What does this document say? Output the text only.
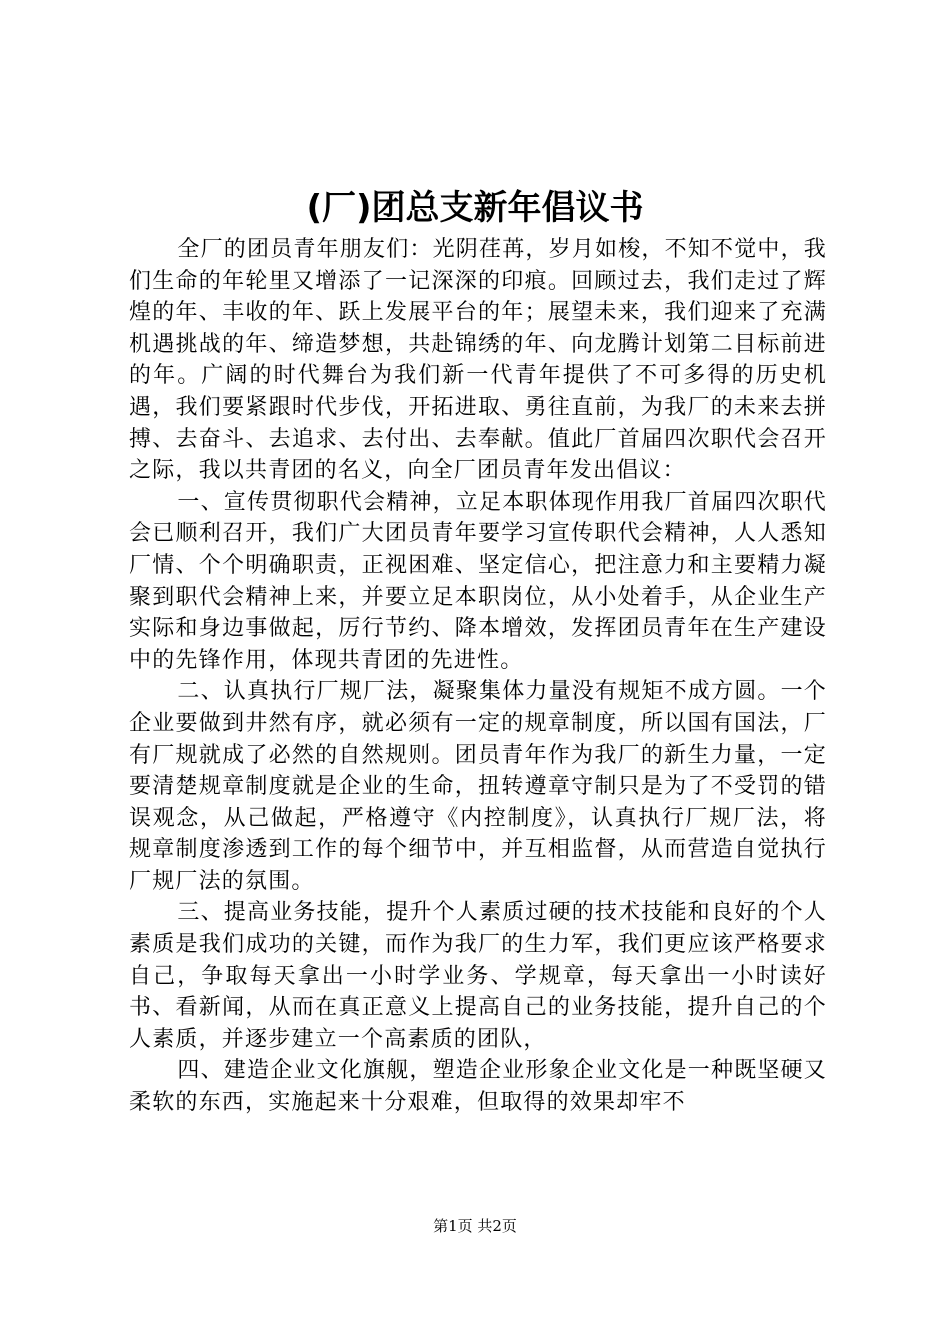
(厂)团总支新年倡议书

全厂的团员青年朋友们：光阴荏苒，岁月如梭，不知不觉中，我们生命的年轮里又增添了一记深深的印痕。回顾过去，我们走过了辉煌的年、丰收的年、跃上发展平台的年；展望未来，我们迎来了充满机遇挑战的年、缔造梦想，共赴锦绣的年、向龙腾计划第二目标前进的年。广阔的时代舞台为我们新一代青年提供了不可多得的历史机遇，我们要紧跟时代步伐，开拓进取、勇往直前，为我厂的未来去拼搏、去奋斗、去追求、去付出、去奉献。值此厂首届四次职代会召开之际，我以共青团的名义，向全厂团员青年发出倡议：

一、宣传贯彻职代会精神，立足本职体现作用我厂首届四次职代会已顺利召开，我们广大团员青年要学习宣传职代会精神，人人悉知厂情、个个明确职责，正视困难、坚定信心，把注意力和主要精力凝聚到职代会精神上来，并要立足本职岗位，从小处着手，从企业生产实际和身边事做起，厉行节约、降本增效，发挥团员青年在生产建设中的先锋作用，体现共青团的先进性。

二、认真执行厂规厂法，凝聚集体力量没有规矩不成方圆。一个企业要做到井然有序，就必须有一定的规章制度，所以国有国法，厂有厂规就成了必然的自然规则。团员青年作为我厂的新生力量，一定要清楚规章制度就是企业的生命，扭转遵章守制只是为了不受罚的错误观念，从己做起，严格遵守《内控制度》，认真执行厂规厂法，将规章制度渗透到工作的每个细节中，并互相监督，从而营造自觉执行厂规厂法的氛围。

三、提高业务技能，提升个人素质过硬的技术技能和良好的个人素质是我们成功的关键，而作为我厂的生力军，我们更应该严格要求自己，争取每天拿出一小时学业务、学规章，每天拿出一小时读好书、看新闻，从而在真正意义上提高自己的业务技能，提升自己的个人素质，并逐步建立一个高素质的团队，

四、建造企业文化旗舰，塑造企业形象企业文化是一种既坚硬又柔软的东西，实施起来十分艰难，但取得的效果却牢不

第1页 共2页
